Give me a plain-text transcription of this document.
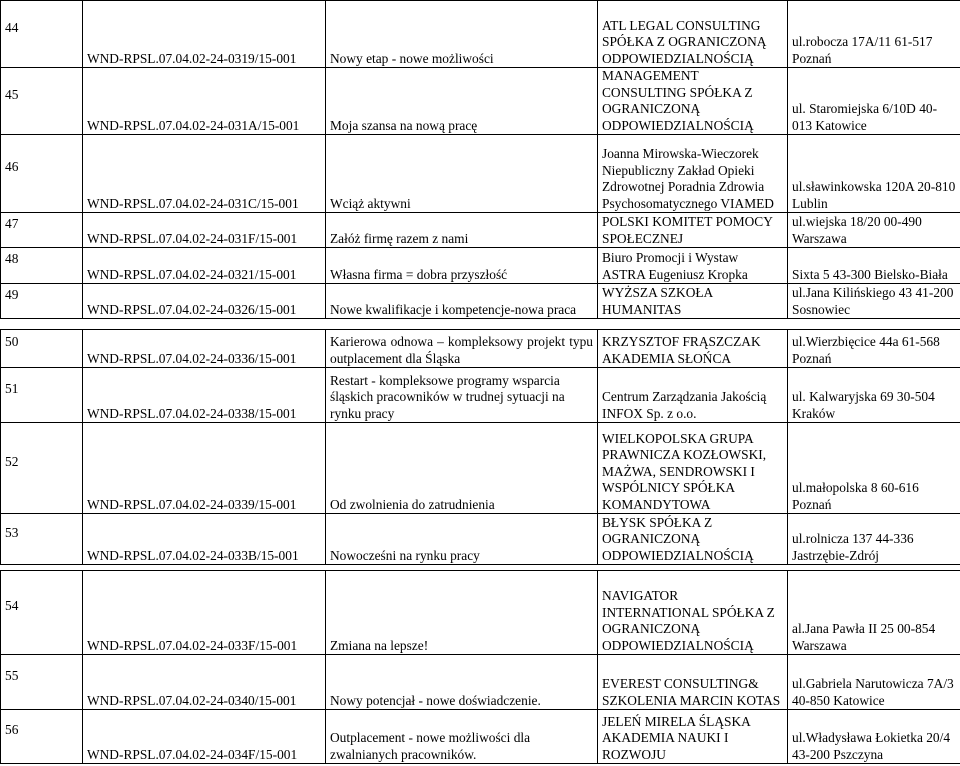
44	WND-RPSL.07.04.02-24-0319/15-001	Nowy etap - nowe możliwości	ATL LEGAL CONSULTING SPÓŁKA Z OGRANICZONĄ ODPOWIEDZIALNOŚCIĄ	ul.robocza 17A/11 61-517 Poznań
45	WND-RPSL.07.04.02-24-031A/15-001	Moja szansa na nową pracę	MANAGEMENT CONSULTING SPÓŁKA Z OGRANICZONĄ ODPOWIEDZIALNOŚCIĄ	ul. Staromiejska 6/10D 40-013 Katowice
46	WND-RPSL.07.04.02-24-031C/15-001	Wciąż aktywni	Joanna Mirowska-Wieczorek Niepubliczny Zakład Opieki Zdrowotnej Poradnia Zdrowia Psychosomatycznego VIAMED	ul.sławinkowska 120A 20-810 Lublin
47	WND-RPSL.07.04.02-24-031F/15-001	Załóż firmę razem z nami	POLSKI KOMITET POMOCY SPOŁECZNEJ	ul.wiejska 18/20 00-490 Warszawa
48	WND-RPSL.07.04.02-24-0321/15-001	Własna firma = dobra przyszłość	Biuro Promocji i Wystaw ASTRA Eugeniusz Kropka	Sixta 5 43-300 Bielsko-Biała
49	WND-RPSL.07.04.02-24-0326/15-001	Nowe kwalifikacje i kompetencje-nowa praca	WYŻSZA SZKOŁA HUMANITAS	ul.Jana Kilińskiego 43 41-200 Sosnowiec
50	WND-RPSL.07.04.02-24-0336/15-001	Karierowa odnowa – kompleksowy projekt typu outplacement dla Śląska	KRZYSZTOF FRĄSZCZAK AKADEMIA SŁOŃCA	ul.Wierzbięcice 44a 61-568 Poznań
51	WND-RPSL.07.04.02-24-0338/15-001	Restart - kompleksowe programy wsparcia śląskich pracowników w trudnej sytuacji na rynku pracy	Centrum Zarządzania Jakością INFOX Sp. z o.o.	ul. Kalwaryjska 69 30-504 Kraków
52	WND-RPSL.07.04.02-24-0339/15-001	Od zwolnienia do zatrudnienia	WIELKOPOLSKA GRUPA PRAWNICZA KOZŁOWSKI, MAŻWA, SENDROWSKI I WSPÓLNICY SPÓŁKA KOMANDYTOWA	ul.małopolska 8 60-616 Poznań
53	WND-RPSL.07.04.02-24-033B/15-001	Nowocześni na rynku pracy	BŁYSK SPÓŁKA Z OGRANICZONĄ ODPOWIEDZIALNOŚCIĄ	ul.rolnicza 137 44-336 Jastrzębie-Zdrój
54	WND-RPSL.07.04.02-24-033F/15-001	Zmiana na lepsze!	NAVIGATOR INTERNATIONAL SPÓŁKA Z OGRANICZONĄ ODPOWIEDZIALNOŚCIĄ	al.Jana Pawła II 25 00-854 Warszawa
55	WND-RPSL.07.04.02-24-0340/15-001	Nowy potencjał - nowe doświadczenie.	EVEREST CONSULTING& SZKOLENIA MARCIN KOTAS	ul.Gabriela Narutowicza 7A/3 40-850 Katowice
56	WND-RPSL.07.04.02-24-034F/15-001	Outplacement - nowe możliwości dla zwalnianych pracowników.	JELEŃ MIRELA ŚLĄSKA AKADEMIA NAUKI I ROZWOJU	ul.Władysława Łokietka 20/4 43-200 Pszczyna
